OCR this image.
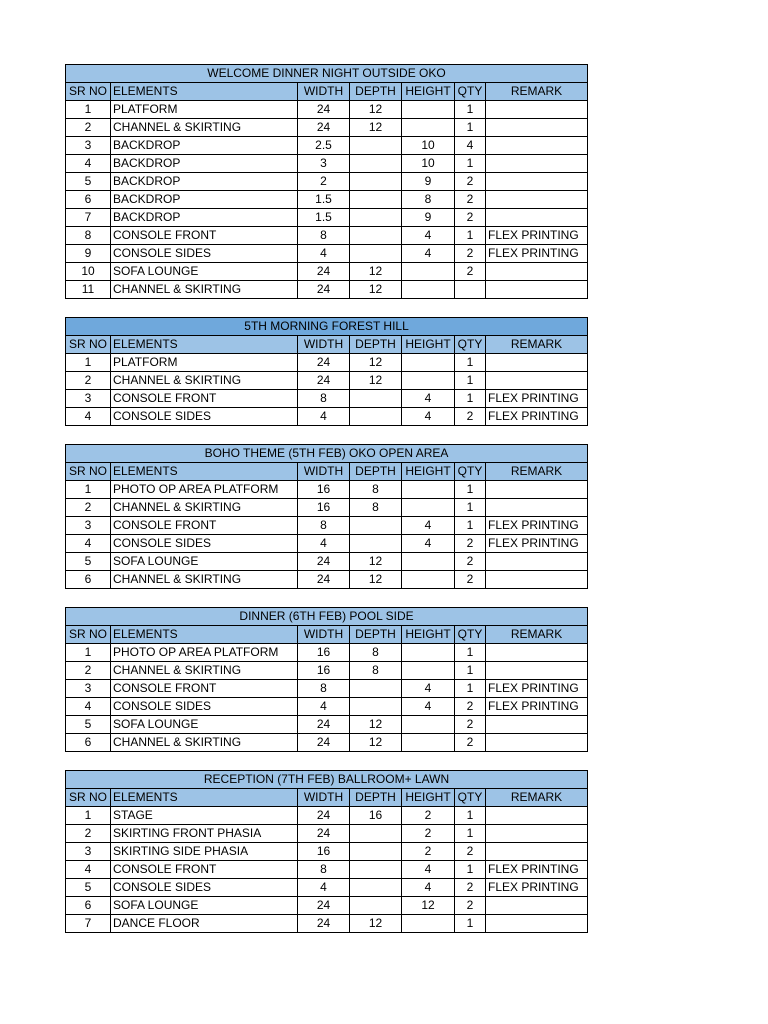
WELCOME DINNER NIGHT OUTSIDE OKO						
SR NO	ELEMENTS	WIDTH	DEPTH	HEIGHT	QTY	REMARK
1	PLATFORM	24	12		1	
2	CHANNEL & SKIRTING	24	12		1	
3	BACKDROP	2.5		10	4	
4	BACKDROP	3		10	1	
5	BACKDROP	2		9	2	
6	BACKDROP	1.5		8	2	
7	BACKDROP	1.5		9	2	
8	CONSOLE FRONT	8		4	1	FLEX PRINTING
9	CONSOLE SIDES	4		4	2	FLEX PRINTING
10	SOFA LOUNGE	24	12		2	
11	CHANNEL & SKIRTING	24	12			
5TH MORNING FOREST HILL						
SR NO	ELEMENTS	WIDTH	DEPTH	HEIGHT	QTY	REMARK
1	PLATFORM	24	12		1	
2	CHANNEL & SKIRTING	24	12		1	
3	CONSOLE FRONT	8		4	1	FLEX PRINTING
4	CONSOLE SIDES	4		4	2	FLEX PRINTING
BOHO THEME (5TH FEB) OKO OPEN AREA						
SR NO	ELEMENTS	WIDTH	DEPTH	HEIGHT	QTY	REMARK
1	PHOTO OP AREA PLATFORM	16	8		1	
2	CHANNEL & SKIRTING	16	8		1	
3	CONSOLE FRONT	8		4	1	FLEX PRINTING
4	CONSOLE SIDES	4		4	2	FLEX PRINTING
5	SOFA LOUNGE	24	12		2	
6	CHANNEL & SKIRTING	24	12		2	
DINNER (6TH FEB) POOL SIDE						
SR NO	ELEMENTS	WIDTH	DEPTH	HEIGHT	QTY	REMARK
1	PHOTO OP AREA PLATFORM	16	8		1	
2	CHANNEL & SKIRTING	16	8		1	
3	CONSOLE FRONT	8		4	1	FLEX PRINTING
4	CONSOLE SIDES	4		4	2	FLEX PRINTING
5	SOFA LOUNGE	24	12		2	
6	CHANNEL & SKIRTING	24	12		2	
RECEPTION (7TH FEB) BALLROOM+ LAWN						
SR NO	ELEMENTS	WIDTH	DEPTH	HEIGHT	QTY	REMARK
1	STAGE	24	16	2	1	
2	SKIRTING FRONT PHASIA	24		2	1	
3	SKIRTING SIDE PHASIA	16		2	2	
4	CONSOLE FRONT	8		4	1	FLEX PRINTING
5	CONSOLE SIDES	4		4	2	FLEX PRINTING
6	SOFA LOUNGE	24		12	2	
7	DANCE FLOOR	24	12		1	
